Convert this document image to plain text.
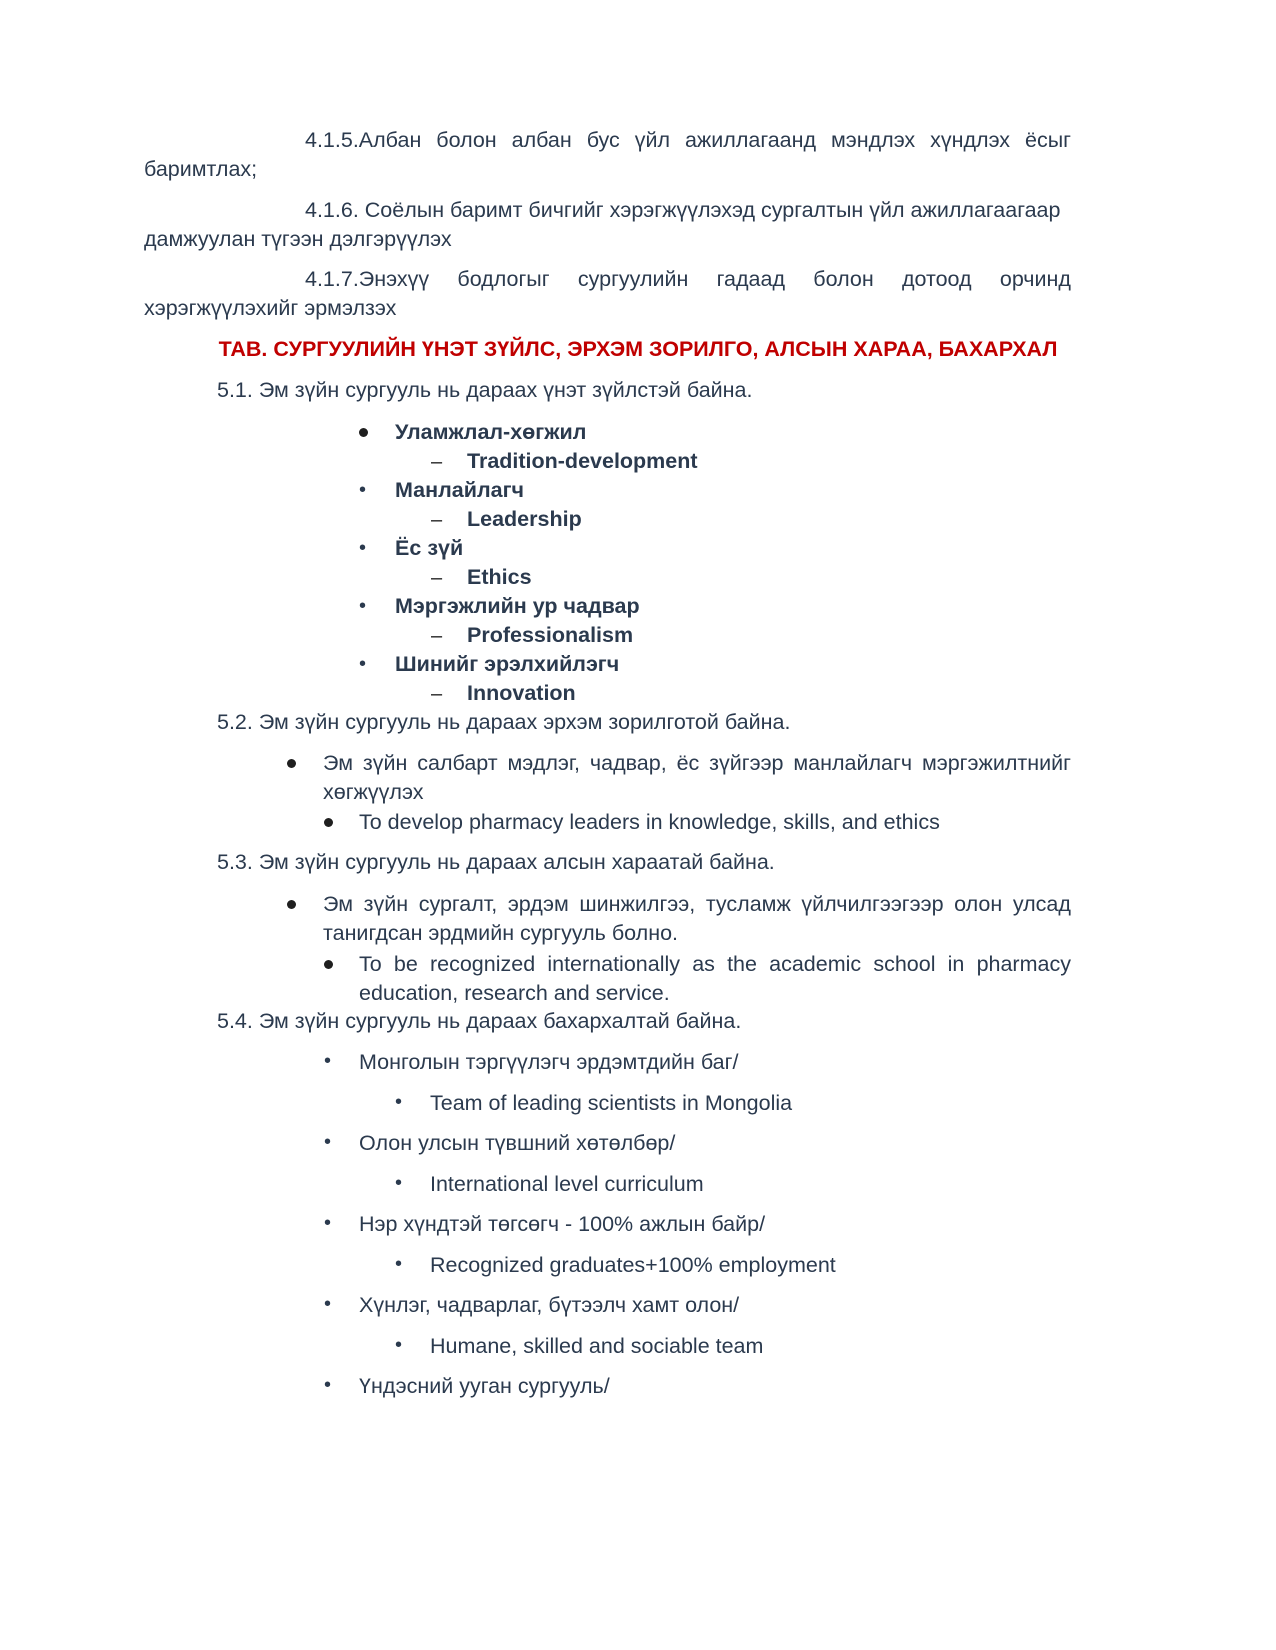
4.1.5.Албан болон албан бус үйл ажиллагаанд мэндлэх хүндлэх ёсыг
баримтлах;
4.1.6. Соёлын баримт бичгийг хэрэгжүүлэхэд сургалтын үйл ажиллагаагаар
дамжуулан түгээн дэлгэрүүлэх
4.1.7.Энэхүү бодлогыг сургуулийн гадаад болон дотоод орчинд
хэрэгжүүлэхийг эрмэлзэх
ТАВ. СУРГУУЛИЙН ҮНЭТ ЗҮЙЛС, ЭРХЭМ ЗОРИЛГО, АЛСЫН ХАРАА, БАХАРХАЛ
5.1. Эм зүйн сургууль нь дараах үнэт зүйлстэй байна.
Уламжлал-хөгжил
– Tradition-development
• Манлайлагч
– Leadership
• Ёс зүй
– Ethics
• Мэргэжлийн ур чадвар
– Professionalism
• Шинийг эрэлхийлэгч
– Innovation
5.2. Эм зүйн сургууль нь дараах эрхэм зорилготой байна.
Эм зүйн салбарт мэдлэг, чадвар, ёс зүйгээр манлайлагч мэргэжилтнийг
хөгжүүлэх
To develop pharmacy leaders in knowledge, skills, and ethics
5.3. Эм зүйн сургууль нь дараах алсын хараатай байна.
Эм зүйн сургалт, эрдэм шинжилгээ, тусламж үйлчилгээгээр олон улсад
танигдсан эрдмийн сургууль болно.
To be recognized internationally as the academic school in pharmacy
education, research and service.
5.4. Эм зүйн сургууль нь дараах бахархалтай байна.
• Монголын тэргүүлэгч эрдэмтдийн баг/
• Team of leading scientists in Mongolia
• Олон улсын түвшний хөтөлбөр/
• International level curriculum
• Нэр хүндтэй төгсөгч - 100% ажлын байр/
• Recognized graduates+100% employment
• Хүнлэг, чадварлаг, бүтээлч хамт олон/
• Humane, skilled and sociable team
• Үндэсний ууган сургууль/
